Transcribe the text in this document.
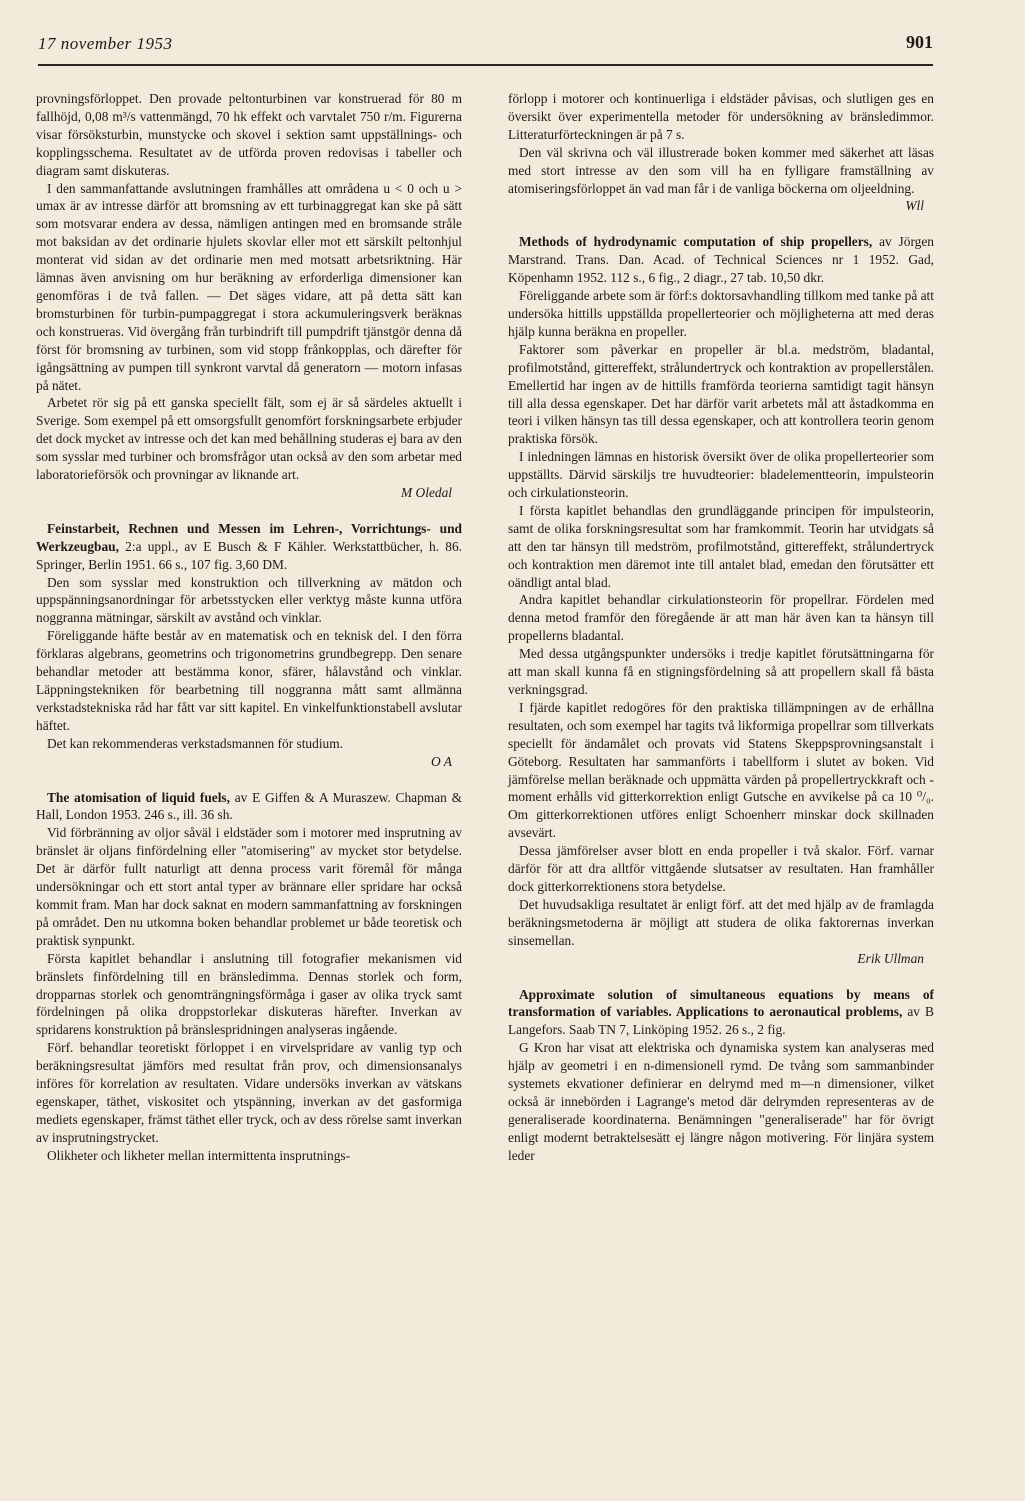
17 november 1953	901

provningsförloppet. Den provade peltonturbinen var konstruerad för 80 m fallhöjd, 0,08 m³/s vattenmängd, 70 hk effekt och varvtalet 750 r/m. Figurerna visar försöksturbin, munstycke och skovel i sektion samt uppställnings- och kopplingsschema. Resultatet av de utförda proven redovisas i tabeller och diagram samt diskuteras.

I den sammanfattande avslutningen framhålles att områdena u < 0 och u > umax är av intresse därför att bromsning av ett turbinaggregat kan ske på sätt som motsvarar endera av dessa, nämligen antingen med en bromsande stråle mot baksidan av det ordinarie hjulets skovlar eller mot ett särskilt peltonhjul monterat vid sidan av det ordinarie men med motsatt arbetsriktning. Här lämnas även anvisning om hur beräkning av erforderliga dimensioner kan genomföras i de två fallen. — Det säges vidare, att på detta sätt kan bromsturbinen för turbin-pumpaggregat i stora ackumuleringsverk beräknas och konstrueras. Vid övergång från turbindrift till pumpdrift tjänstgör denna då först för bromsning av turbinen, som vid stopp frånkopplas, och därefter för igångsättning av pumpen till synkront varvtal då generatorn — motorn infasas på nätet.

Arbetet rör sig på ett ganska speciellt fält, som ej är så särdeles aktuellt i Sverige. Som exempel på ett omsorgsfullt genomfört forskningsarbete erbjuder det dock mycket av intresse och det kan med behållning studeras ej bara av den som sysslar med turbiner och bromsfrågor utan också av den som arbetar med laboratorieförsök och provningar av liknande art.

M Oledal

Feinstarbeit, Rechnen und Messen im Lehren-, Vorrichtungs- und Werkzeugbau, 2:a uppl., av E Busch & F Kähler. Werkstattbücher, h. 86. Springer, Berlin 1951. 66 s., 107 fig. 3,60 DM.

Den som sysslar med konstruktion och tillverkning av mätdon och uppspänningsanordningar för arbetsstycken eller verktyg måste kunna utföra noggranna mätningar, särskilt av avstånd och vinklar.

Föreliggande häfte består av en matematisk och en teknisk del. I den förra förklaras algebrans, geometrins och trigonometrins grundbegrepp. Den senare behandlar metoder att bestämma konor, sfärer, hålavstånd och vinklar. Läppningstekniken för bearbetning till noggranna mått samt allmänna verkstadstekniska råd har fått var sitt kapitel. En vinkelfunktionstabell avslutar häftet.

Det kan rekommenderas verkstadsmannen för studium.

O A

The atomisation of liquid fuels, av E Giffen & A Muraszew. Chapman & Hall, London 1953. 246 s., ill. 36 sh.

Vid förbränning av oljor såväl i eldstäder som i motorer med insprutning av bränslet är oljans finfördelning eller "atomisering" av mycket stor betydelse. Det är därför fullt naturligt att denna process varit föremål för många undersökningar och ett stort antal typer av brännare eller spridare har också kommit fram. Man har dock saknat en modern sammanfattning av forskningen på området. Den nu utkomna boken behandlar problemet ur både teoretisk och praktisk synpunkt.

Första kapitlet behandlar i anslutning till fotografier mekanismen vid bränslets finfördelning till en bränsledimma. Dennas storlek och form, dropparnas storlek och genomträngningsförmåga i gaser av olika tryck samt fördelningen på olika droppstorlekar diskuteras härefter. Inverkan av spridarens konstruktion på bränslespridningen analyseras ingående.

Förf. behandlar teoretiskt förloppet i en virvelspridare av vanlig typ och beräkningsresultat jämförs med resultat från prov, och dimensionsanalys införes för korrelation av resultaten. Vidare undersöks inverkan av vätskans egenskaper, täthet, viskositet och ytspänning, inverkan av det gasformiga mediets egenskaper, främst täthet eller tryck, och av dess rörelse samt inverkan av insprutningstrycket.

Olikheter och likheter mellan intermittenta insprutnings-

förlopp i motorer och kontinuerliga i eldstäder påvisas, och slutligen ges en översikt över experimentella metoder för undersökning av bränsledimmor. Litteraturförteckningen är på 7 s.

Den väl skrivna och väl illustrerade boken kommer med säkerhet att läsas med stort intresse av den som vill ha en fylligare framställning av atomiseringsförloppet än vad man får i de vanliga böckerna om oljeeldning.

Wll

Methods of hydrodynamic computation of ship propellers, av Jörgen Marstrand. Trans. Dan. Acad. of Technical Sciences nr 1 1952. Gad, Köpenhamn 1952. 112 s., 6 fig., 2 diagr., 27 tab. 10,50 dkr.

Föreliggande arbete som är förf:s doktorsavhandling tillkom med tanke på att undersöka hittills uppställda propellerteorier och möjligheterna att med deras hjälp kunna beräkna en propeller.

Faktorer som påverkar en propeller är bl.a. medström, bladantal, profilmotstånd, gittereffekt, strålundertryck och kontraktion av propellerstålen. Emellertid har ingen av de hittills framförda teorierna samtidigt tagit hänsyn till alla dessa egenskaper. Det har därför varit arbetets mål att åstadkomma en teori i vilken hänsyn tas till dessa egenskaper, och att kontrollera teorin genom praktiska försök.

I inledningen lämnas en historisk översikt över de olika propellerteorier som uppställts. Därvid särskiljs tre huvudteorier: bladelementteorin, impulsteorin och cirkulationsteorin.

I första kapitlet behandlas den grundläggande principen för impulsteorin, samt de olika forskningsresultat som har framkommit. Teorin har utvidgats så att den tar hänsyn till medström, profilmotstånd, gittereffekt, strålundertryck och kontraktion men däremot inte till antalet blad, emedan den förutsätter ett oändligt antal blad.

Andra kapitlet behandlar cirkulationsteorin för propellrar. Fördelen med denna metod framför den föregående är att man här även kan ta hänsyn till propellerns bladantal.

Med dessa utgångspunkter undersöks i tredje kapitlet förutsättningarna för att man skall kunna få en stigningsfördelning så att propellern skall få bästa verkningsgrad.

I fjärde kapitlet redogöres för den praktiska tillämpningen av de erhållna resultaten, och som exempel har tagits två likformiga propellrar som tillverkats speciellt för ändamålet och provats vid Statens Skeppsprovningsanstalt i Göteborg. Resultaten har sammanförts i tabellform i slutet av boken. Vid jämförelse mellan beräknade och uppmätta värden på propellertryckkraft och -moment erhålls vid gitterkorrektion enligt Gutsche en avvikelse på ca 10 ⁰/₀. Om gitterkorrektionen utföres enligt Schoenherr minskar dock skillnaden avsevärt.

Dessa jämförelser avser blott en enda propeller i två skalor. Förf. varnar därför för att dra alltför vittgående slutsatser av resultaten. Han framhåller dock gitterkorrektionens stora betydelse.

Det huvudsakliga resultatet är enligt förf. att det med hjälp av de framlagda beräkningsmetoderna är möjligt att studera de olika faktorernas inverkan sinsemellan.

Erik Ullman

Approximate solution of simultaneous equations by means of transformation of variables. Applications to aeronautical problems, av B Langefors. Saab TN 7, Linköping 1952. 26 s., 2 fig.

G Kron har visat att elektriska och dynamiska system kan analyseras med hjälp av geometri i en n-dimensionell rymd. De tvång som sammanbinder systemets ekvationer definierar en delrymd med m—n dimensioner, vilket också är innebörden i Lagrange's metod där delrymden representeras av de generaliserade koordinaterna. Benämningen "generaliserade" har för övrigt enligt modernt betraktelsesätt ej längre någon motivering. För linjära system leder
